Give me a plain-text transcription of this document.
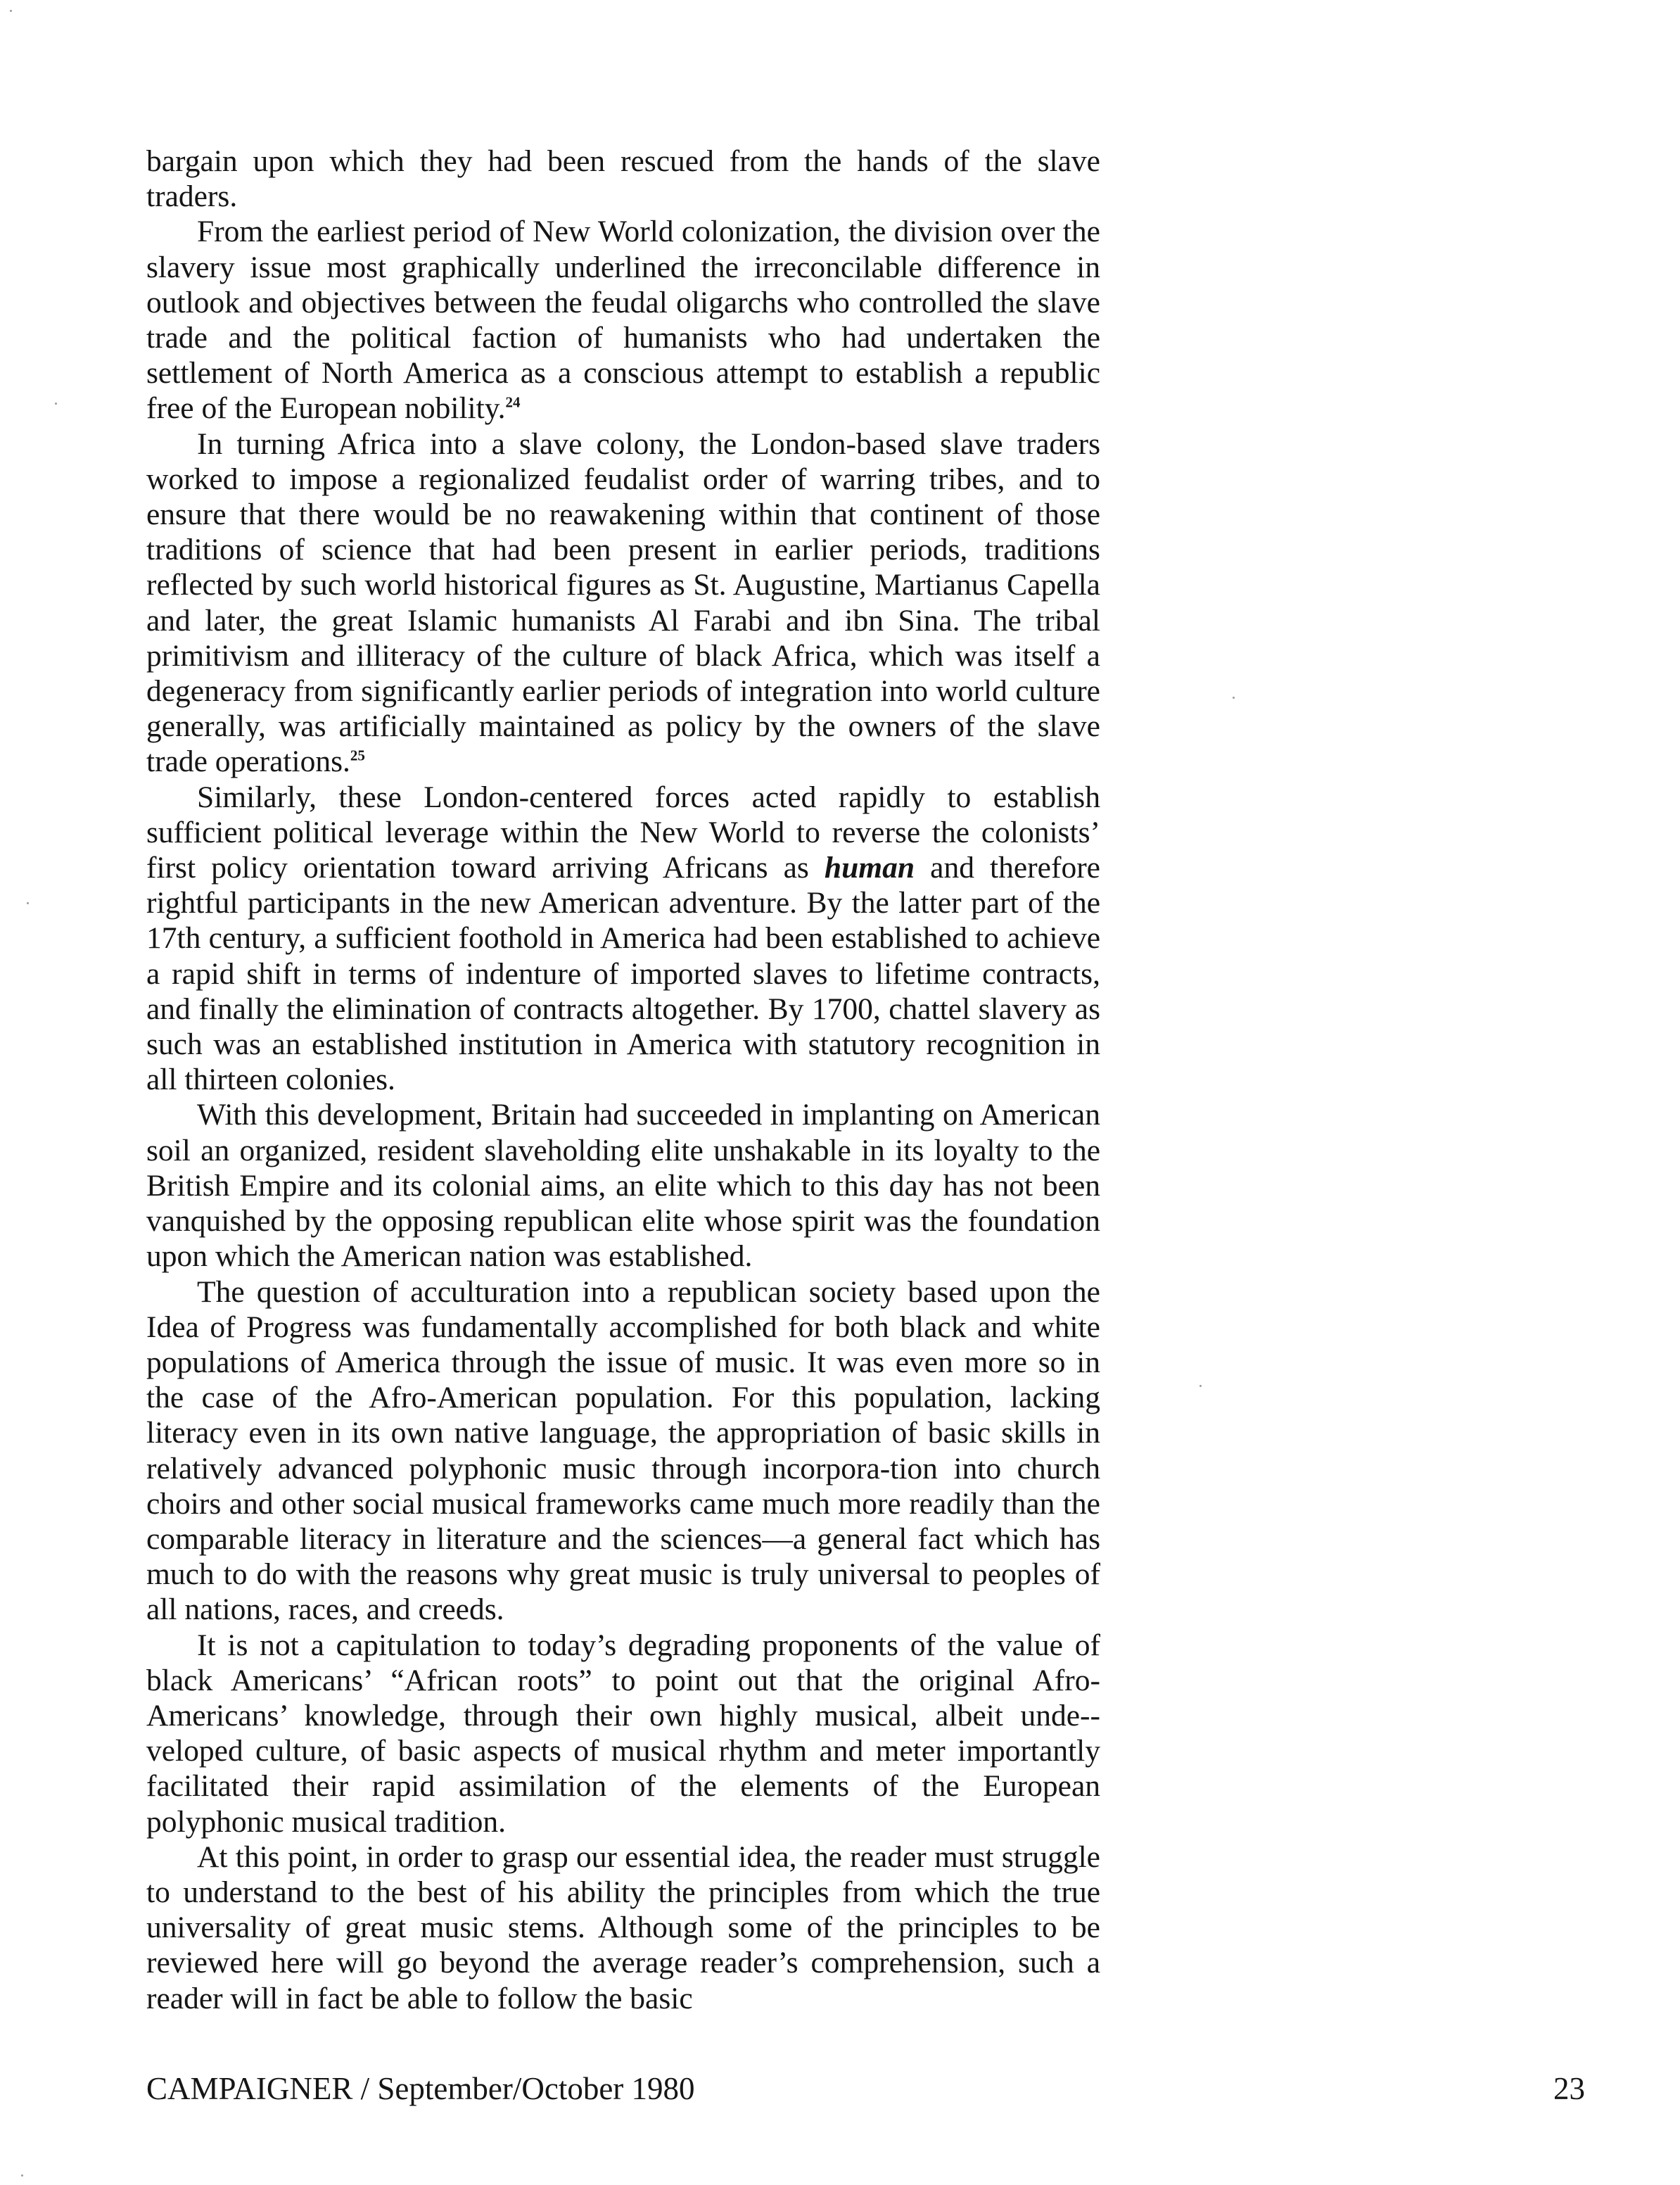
bargain upon which they had been rescued from the hands of the slave traders.

From the earliest period of New World colonization, the division over the slavery issue most graphically underlined the irreconcilable difference in outlook and objectives between the feudal oligarchs who controlled the slave trade and the political faction of humanists who had undertaken the settlement of North America as a conscious attempt to establish a republic free of the European nobility.$^{24}$

In turning Africa into a slave colony, the London-based slave traders worked to impose a regionalized feudalist order of warring tribes, and to ensure that there would be no reawakening within that continent of those traditions of science that had been present in earlier periods, traditions reflected by such world historical figures as St. Augustine, Martianus Capella and later, the great Islamic humanists Al Farabi and ibn Sina. The tribal primitivism and illiteracy of the culture of black Africa, which was itself a degeneracy from significantly earlier periods of integration into world culture generally, was artificially maintained as policy by the owners of the slave trade operations.$^{25}$

Similarly, these London-centered forces acted rapidly to establish sufficient political leverage within the New World to reverse the colonists’ first policy orientation toward arriving Africans as human and therefore rightful participants in the new American adventure. By the latter part of the 17th century, a sufficient foothold in America had been established to achieve a rapid shift in terms of indenture of imported slaves to lifetime contracts, and finally the elimination of contracts altogether. By 1700, chattel slavery as such was an established institution in America with statutory recognition in all thirteen colonies.

With this development, Britain had succeeded in implanting on American soil an organized, resident slaveholding elite unshakable in its loyalty to the British Empire and its colonial aims, an elite which to this day has not been vanquished by the opposing republican elite whose spirit was the foundation upon which the American nation was established.

The question of acculturation into a republican society based upon the Idea of Progress was fundamentally accomplished for both black and white populations of America through the issue of music. It was even more so in the case of the Afro-American population. For this population, lacking literacy even in its own native language, the appropriation of basic skills in relatively advanced polyphonic music through incorpora-tion into church choirs and other social musical frameworks came much more readily than the comparable literacy in literature and the sciences—a general fact which has much to do with the reasons why great music is truly universal to peoples of all nations, races, and creeds.

It is not a capitulation to today’s degrading proponents of the value of black Americans’ “African roots” to point out that the original Afro-Americans’ knowledge, through their own highly musical, albeit unde-veloped culture, of basic aspects of musical rhythm and meter importantly facilitated their rapid assimilation of the elements of the European polyphonic musical tradition.

At this point, in order to grasp our essential idea, the reader must struggle to understand to the best of his ability the principles from which the true universality of great music stems. Although some of the principles to be reviewed here will go beyond the average reader’s comprehension, such a reader will in fact be able to follow the basic

CAMPAIGNER / September/October 1980	23
